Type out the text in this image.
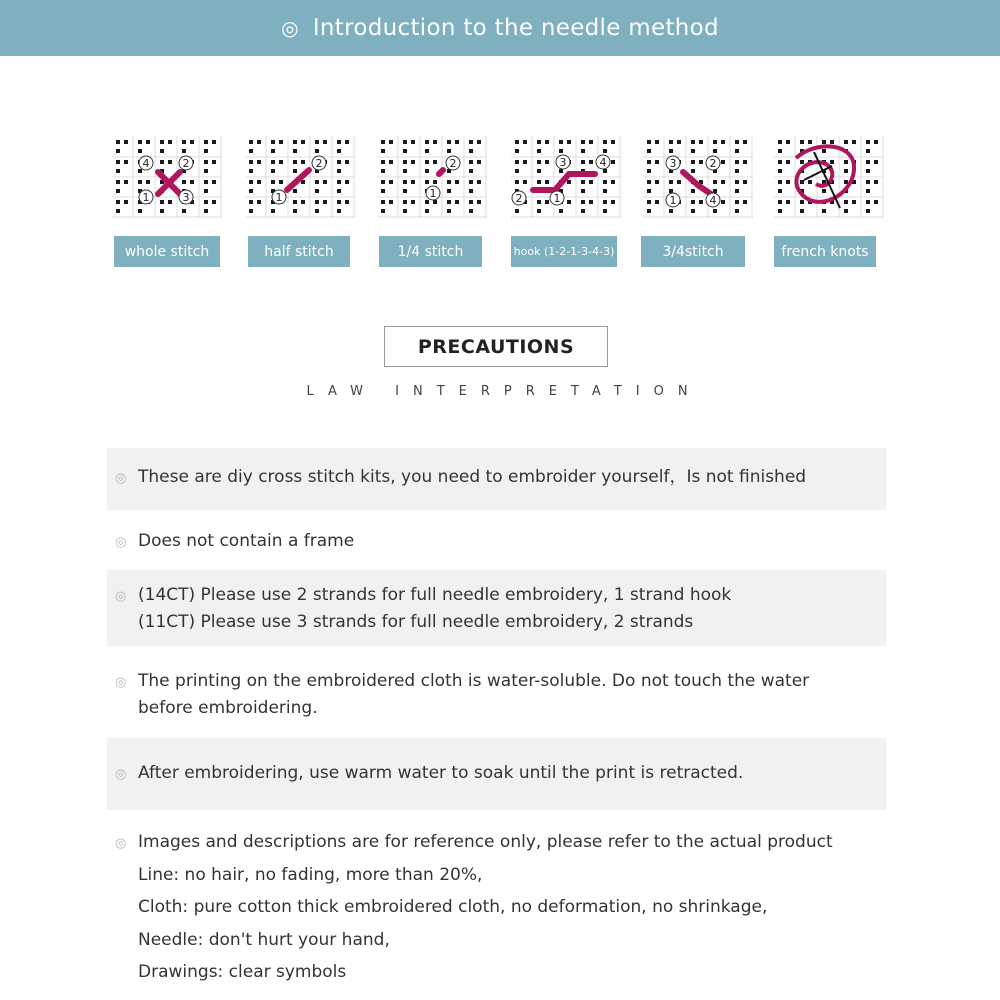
◎ Introduction to the needle method
4	2
1	3
whole stitch
2
1
half stitch
2
1
1/4 stitch
3	4
2	1
hook (1-2-1-3-4-3)
3	2
1	4
3/4stitch	french knots
PRECAUTIONS
LAW INTERPRETATION
◎ These are diy cross stitch kits, you need to embroider yourself，Is not finished
◎ Does not contain a frame
◎ (14CT) Please use 2 strands for full needle embroidery, 1 strand hook
(11CT) Please use 3 strands for full needle embroidery, 2 strands
◎ The printing on the embroidered cloth is water-soluble. Do not touch the water
before embroidering.
◎ After embroidering, use warm water to soak until the print is retracted.
◎ Images and descriptions are for reference only, please refer to the actual product
Line: no hair, no fading, more than 20%,
Cloth: pure cotton thick embroidered cloth, no deformation, no shrinkage,
Needle: don't hurt your hand,
Drawings: clear symbols
